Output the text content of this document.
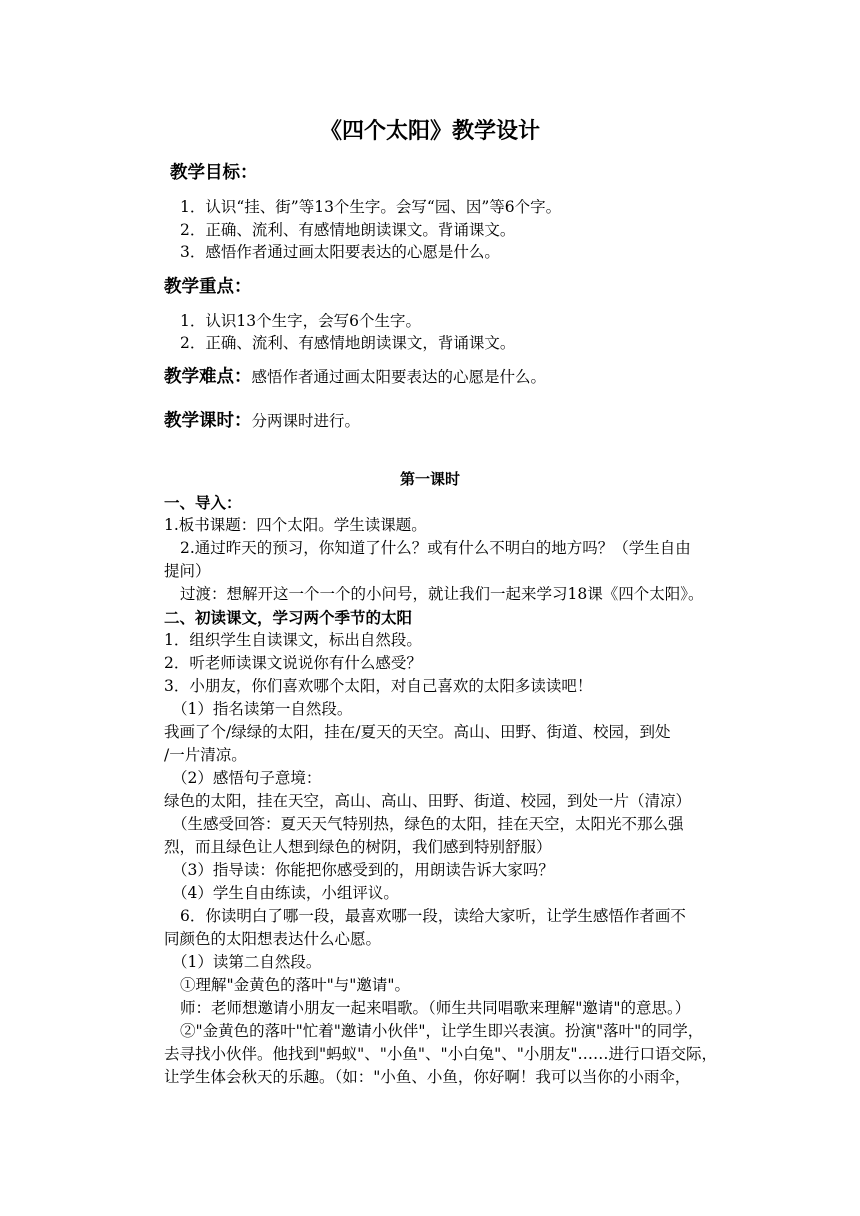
《四个太阳》教学设计
教学目标：
1．认识“挂、街”等13个生字。会写“园、因”等6个字。
2．正确、流利、有感情地朗读课文。背诵课文。
3．感悟作者通过画太阳要表达的心愿是什么。
教学重点：
1．认识13个生字，会写6个生字。
2．正确、流利、有感情地朗读课文，背诵课文。
教学难点：感悟作者通过画太阳要表达的心愿是什么。
教学课时：分两课时进行。
第一课时
一、导入：
1.板书课题：四个太阳。学生读课题。
2.通过昨天的预习，你知道了什么？或有什么不明白的地方吗？（学生自由
提问）
过渡：想解开这一个一个的小问号，就让我们一起来学习18课《四个太阳》。
二、初读课文，学习两个季节的太阳
1．组织学生自读课文，标出自然段。
2．听老师读课文说说你有什么感受？
3．小朋友，你们喜欢哪个太阳，对自己喜欢的太阳多读读吧！
（1）指名读第一自然段。
我画了个/绿绿的太阳，挂在/夏天的天空。高山、田野、街道、校园，到处
/一片清凉。
（2）感悟句子意境：
绿色的太阳，挂在天空，高山、高山、田野、街道、校园，到处一片（清凉）
（生感受回答：夏天天气特别热，绿色的太阳，挂在天空，太阳光不那么强
烈，而且绿色让人想到绿色的树阴，我们感到特别舒服）
（3）指导读：你能把你感受到的，用朗读告诉大家吗？
（4）学生自由练读，小组评议。
6．你读明白了哪一段，最喜欢哪一段，读给大家听，让学生感悟作者画不
同颜色的太阳想表达什么心愿。
（1）读第二自然段。
①理解"金黄色的落叶"与"邀请"。
师：老师想邀请小朋友一起来唱歌。（师生共同唱歌来理解"邀请"的意思。）
②"金黄色的落叶"忙着"邀请小伙伴"，让学生即兴表演。扮演"落叶"的同学，
去寻找小伙伴。他找到"蚂蚁"、"小鱼"、"小白兔"、"小朋友"……进行口语交际，
让学生体会秋天的乐趣。（如："小鱼、小鱼，你好啊！我可以当你的小雨伞，
